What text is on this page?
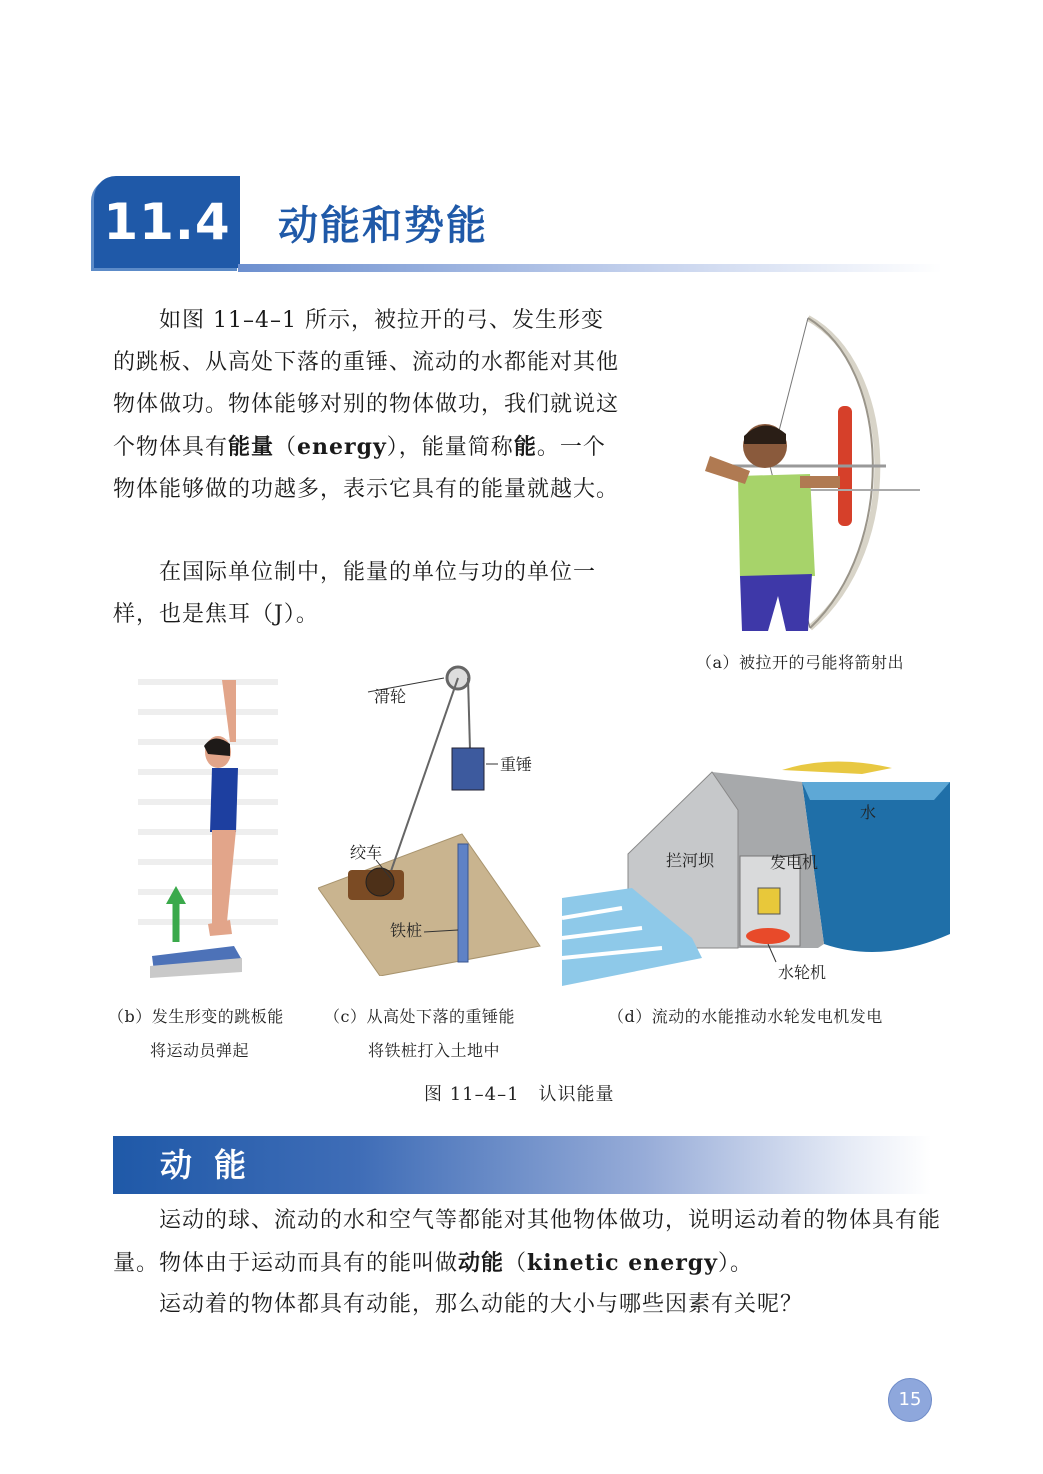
11.4 动能和势能
如图 11–4–1 所示，被拉开的弓、发生形变的跳板、从高处下落的重锤、流动的水都能对其他物体做功。物体能够对别的物体做功，我们就说这个物体具有能量（energy），能量简称能。一个物体能够做的功越多，表示它具有的能量就越大。
在国际单位制中，能量的单位与功的单位一样，也是焦耳（J）。
（a）被拉开的弓能将箭射出
（b）发生形变的跳板能
将运动员弹起
滑轮
重锤
绞车
铁桩
（c）从高处下落的重锤能
将铁桩打入土地中
水
拦河坝	发电机
水轮机
（d）流动的水能推动水轮发电机发电
图 11–4–1　认识能量
动能
运动的球、流动的水和空气等都能对其他物体做功，说明运动着的物体具有能量。物体由于运动而具有的能叫做动能（kinetic energy）。
运动着的物体都具有动能，那么动能的大小与哪些因素有关呢？
15
